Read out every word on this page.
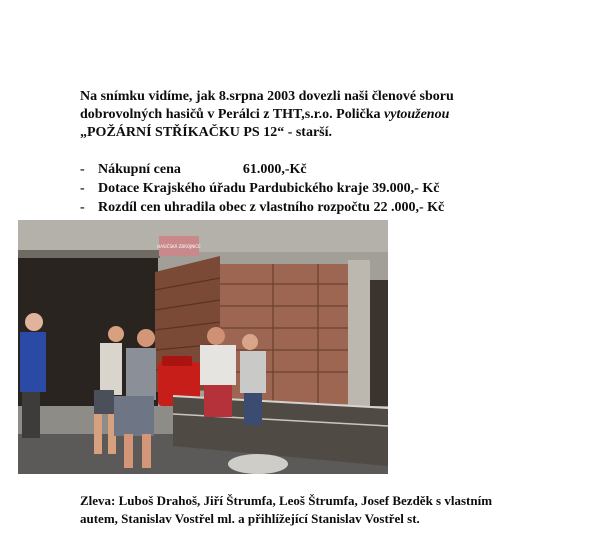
Na snímku vidíme, jak 8.srpna 2003 dovezli naši členové sboru
dobrovolných hasičů v Perálci z THT,s.r.o. Polička vytouženou
„POŽÁRNÍ STŘÍKAČKU PS 12“ - starší.
- Nákupní cena	61.000,-Kč
- Dotace Krajského úřadu Pardubického kraje 39.000,- Kč
- Rozdíl cen uhradila obec z vlastního rozpočtu 22 .000,- Kč
HASIČSKÁ ZBROJNICE
Zleva: Luboš Drahoš, Jiří Štrumfa, Leoš Štrumfa, Josef Bezděk s vlastním
autem, Stanislav Vostřel ml. a přihlížející Stanislav Vostřel st.
